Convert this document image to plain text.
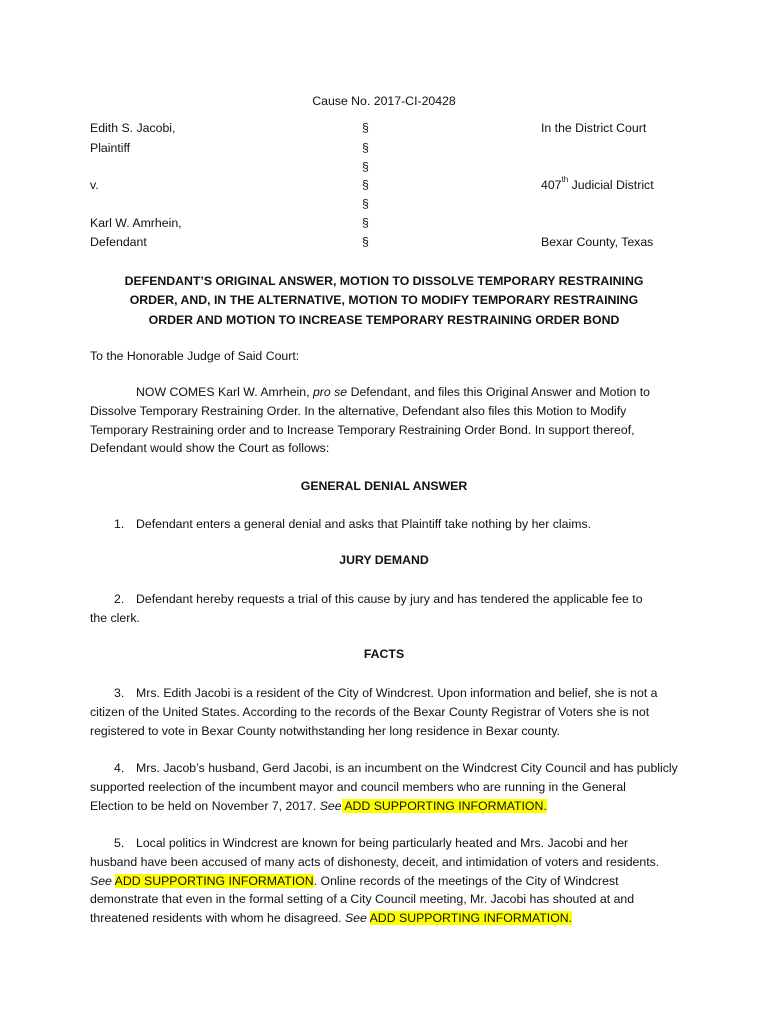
Cause No. 2017-CI-20428
Edith S. Jacobi,	§	In the District Court
Plaintiff	§
§
v.	§	407th Judicial District
§
Karl W. Amrhein,	§
Defendant	§	Bexar County, Texas
DEFENDANT’S ORIGINAL ANSWER, MOTION TO DISSOLVE TEMPORARY RESTRAINING
ORDER, AND, IN THE ALTERNATIVE, MOTION TO MODIFY TEMPORARY RESTRAINING
ORDER AND MOTION TO INCREASE TEMPORARY RESTRAINING ORDER BOND
To the Honorable Judge of Said Court:
NOW COMES Karl W. Amrhein, pro se Defendant, and files this Original Answer and Motion to
Dissolve Temporary Restraining Order. In the alternative, Defendant also files this Motion to Modify
Temporary Restraining order and to Increase Temporary Restraining Order Bond. In support thereof,
Defendant would show the Court as follows:
GENERAL DENIAL ANSWER
1. Defendant enters a general denial and asks that Plaintiff take nothing by her claims.
JURY DEMAND
2. Defendant hereby requests a trial of this cause by jury and has tendered the applicable fee to
the clerk.
FACTS
3. Mrs. Edith Jacobi is a resident of the City of Windcrest. Upon information and belief, she is not a
citizen of the United States. According to the records of the Bexar County Registrar of Voters she is not
registered to vote in Bexar County notwithstanding her long residence in Bexar county.
4. Mrs. Jacob’s husband, Gerd Jacobi, is an incumbent on the Windcrest City Council and has publicly
supported reelection of the incumbent mayor and council members who are running in the General
Election to be held on November 7, 2017. See ADD SUPPORTING INFORMATION.
5. Local politics in Windcrest are known for being particularly heated and Mrs. Jacobi and her
husband have been accused of many acts of dishonesty, deceit, and intimidation of voters and residents.
See ADD SUPPORTING INFORMATION. Online records of the meetings of the City of Windcrest
demonstrate that even in the formal setting of a City Council meeting, Mr. Jacobi has shouted at and
threatened residents with whom he disagreed. See ADD SUPPORTING INFORMATION.
